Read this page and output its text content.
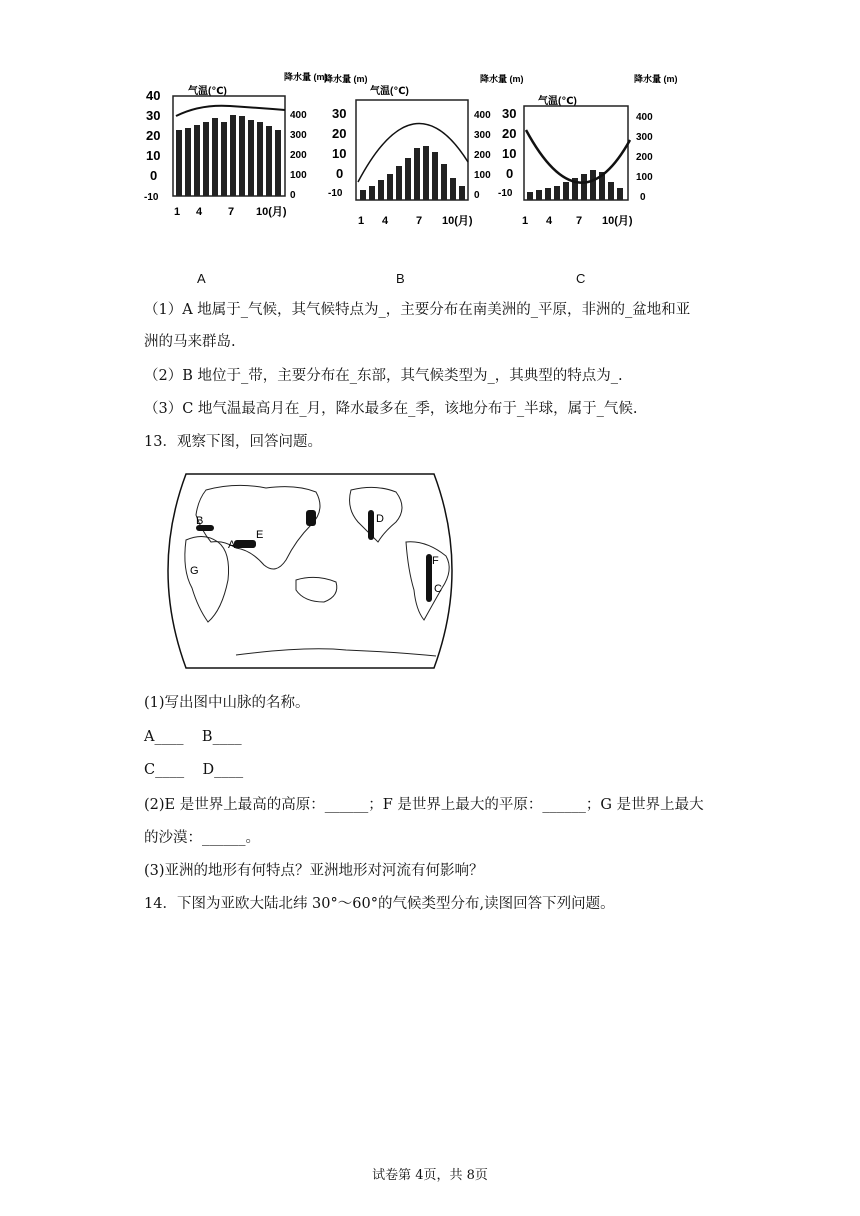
40
30
20
10
0
-10
气温(℃)
降水量 (m)
400
300
200
100
0
1 4 7 10(月)
降水量 (m)
气温(℃)
降水量 (m)
30
20
10
0
-10
400
300
200
100
0
1 4	7 10(月)
气温(℃)
降水量 (m)
30
20
10
0
-10
400
300
200
100
0
1 4 7 10(月)
A	B	C
（1）A 地属于_气候，其气候特点为_，主要分布在南美洲的_平原，非洲的_盆地和亚
洲的马来群岛.
（2）B 地位于_带，主要分布在_东部，其气候类型为_，其典型的特点为_.
（3）C 地气温最高月在_月，降水最多在_季，该地分布于_半球，属于_气候.
13．观察下图，回答问题。
A
B	D
E
F
G
C
(1)写出图中山脉的名称。
A____    B____
C____    D____
(2)E 是世界上最高的高原：______；F 是世界上最大的平原：______；G 是世界上最大
的沙漠：______。
(3)亚洲的地形有何特点？亚洲地形对河流有何影响？
14．下图为亚欧大陆北纬 30°～60°的气候类型分布,读图回答下列问题。
试卷第 4页，共 8页
